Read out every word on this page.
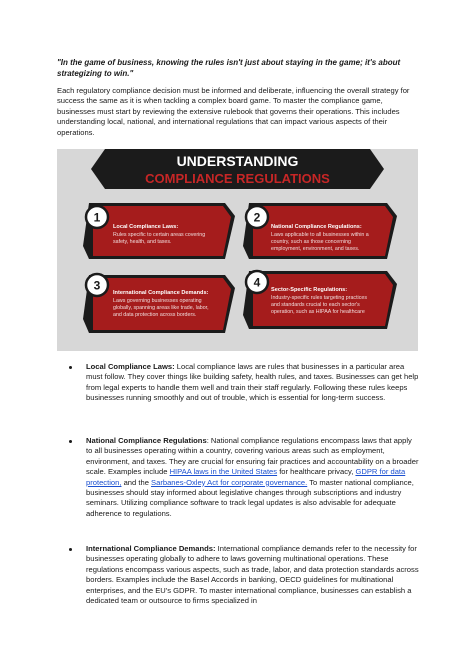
"In the game of business, knowing the rules isn't just about staying in the game; it's about strategizing to win."
Each regulatory compliance decision must be informed and deliberate, influencing the overall strategy for success the same as it is when tackling a complex board game. To master the compliance game, businesses must start by reviewing the extensive rulebook that governs their operations. This includes understanding local, national, and international regulations that can impact various aspects of their operations.
UNDERSTANDING
COMPLIANCE REGULATIONS
1
Local Compliance Laws:
Rules specific to certain areas covering
safety, health, and taxes.
2
National Compliance Regulations:
Laws applicable to all businesses within a
country, such as those concerning
employment, environment, and taxes.
3
International Compliance Demands:
Laws governing businesses operating
globally, spanning areas like trade, labor,
and data protection across borders.
4
Sector-Specific Regulations:
Industry-specific rules targeting practices
and standards crucial to each sector's
operation, such as HIPAA for healthcare
Local Compliance Laws: Local compliance laws are rules that businesses in a particular area must follow. They cover things like building safety, health rules, and taxes. Businesses can get help from legal experts to handle them well and train their staff regularly. Following these rules keeps businesses running smoothly and out of trouble, which is essential for long-term success.
National Compliance Regulations: National compliance regulations encompass laws that apply to all businesses operating within a country, covering various areas such as employment, environment, and taxes. They are crucial for ensuring fair practices and accountability on a broader scale. Examples include HIPAA laws in the United States for healthcare privacy, GDPR for data protection, and the Sarbanes-Oxley Act for corporate governance. To master national compliance, businesses should stay informed about legislative changes through subscriptions and industry seminars. Utilizing compliance software to track legal updates is also advisable for adequate adherence to regulations.
International Compliance Demands: International compliance demands refer to the necessity for businesses operating globally to adhere to laws governing multinational operations. These regulations encompass various aspects, such as trade, labor, and data protection standards across borders. Examples include the Basel Accords in banking, OECD guidelines for multinational enterprises, and the EU's GDPR. To master international compliance, businesses can establish a dedicated team or outsource to firms specialized in
